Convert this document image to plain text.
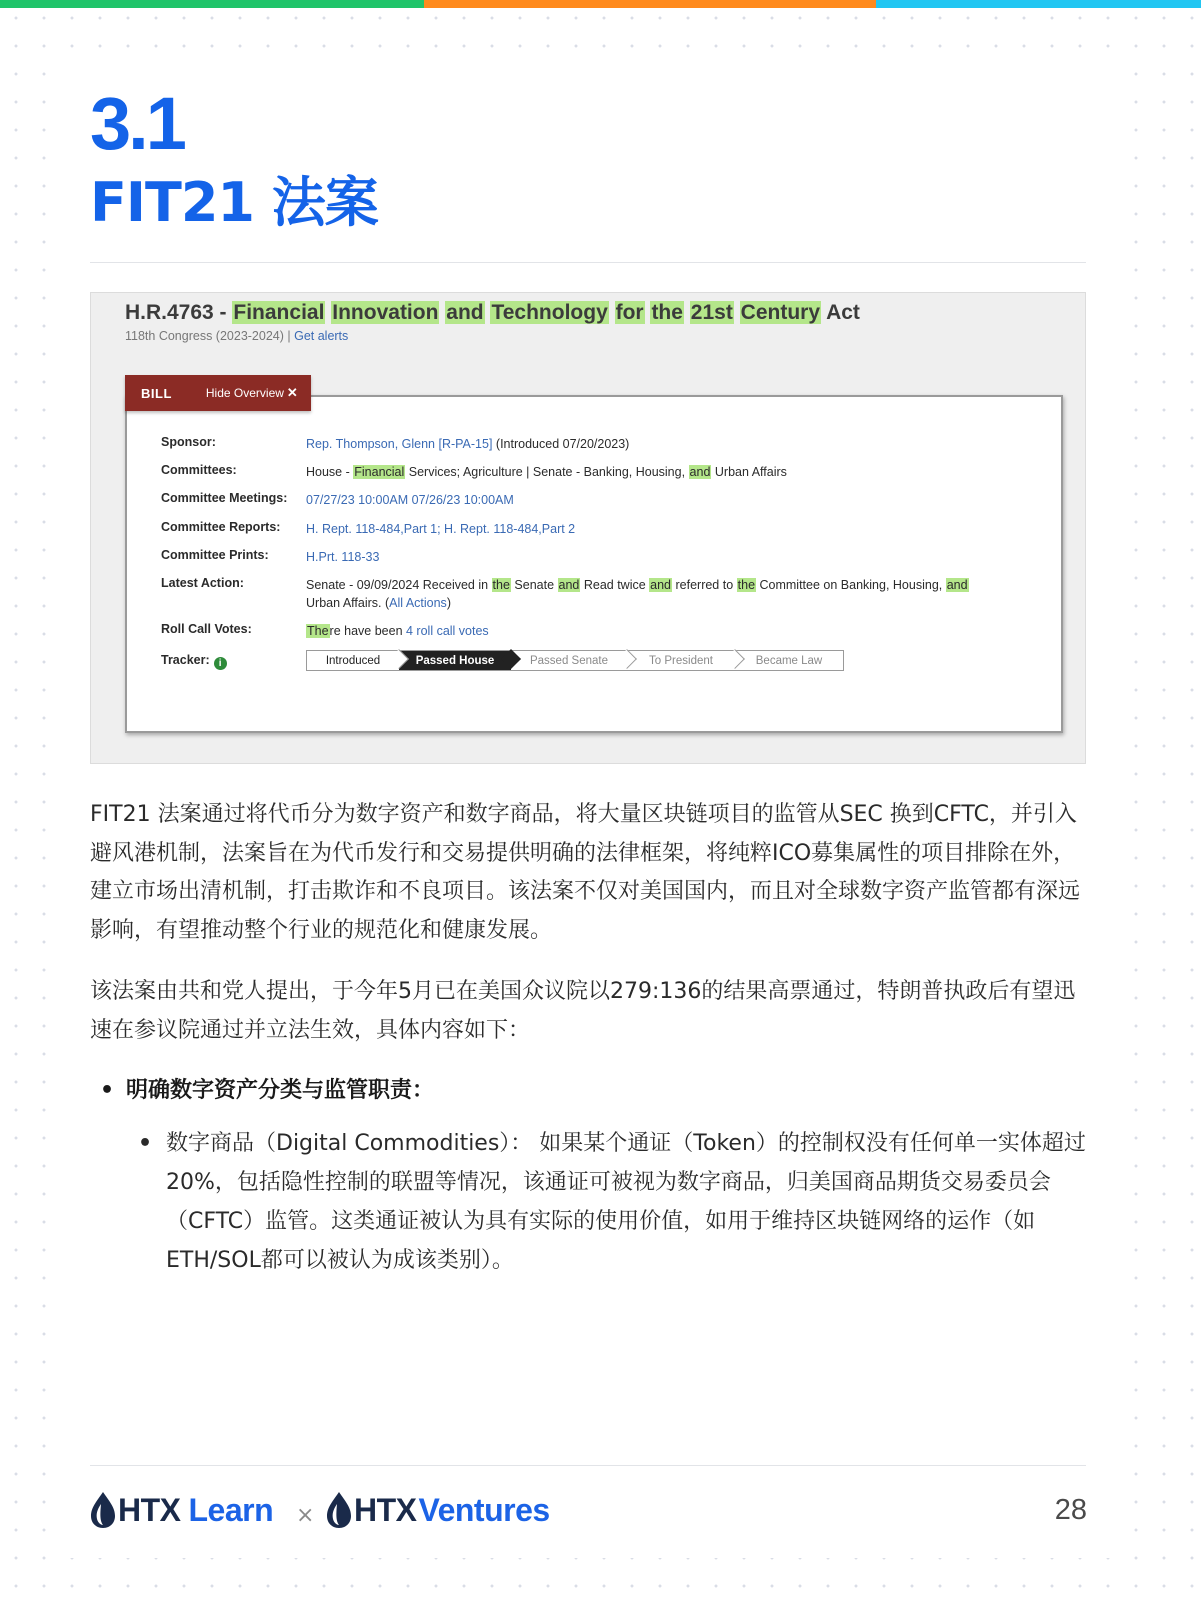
3.1
FIT21 法案
H.R.4763 - Financial Innovation and Technology for the 21st Century Act
118th Congress (2023-2024) | Get alerts
Sponsor:	Rep. Thompson, Glenn [R-PA-15] (Introduced 07/20/2023)
Committees:	House - Financial Services; Agriculture | Senate - Banking, Housing, and Urban Affairs
Committee Meetings:	07/27/23 10:00AM 07/26/23 10:00AM
Committee Reports:	H. Rept. 118-484,Part 1; H. Rept. 118-484,Part 2
Committee Prints:	H.Prt. 118-33
Latest Action:	Senate - 09/09/2024 Received in the Senate and Read twice and referred to the Committee on Banking, Housing, and Urban Affairs. (All Actions)
Roll Call Votes:	There have been 4 roll call votes
Tracker: i	Introduced	Passed House	Passed Senate	To President	Became Law
BILL	Hide Overview ✕
FIT21 法案通过将代币分为数字资产和数字商品，将大量区块链项目的监管从SEC 换到CFTC，并引入避风港机制，法案旨在为代币发行和交易提供明确的法律框架，将纯粹ICO募集属性的项目排除在外，建立市场出清机制，打击欺诈和不良项目。该法案不仅对美国国内，而且对全球数字资产监管都有深远影响，有望推动整个行业的规范化和健康发展。
该法案由共和党人提出，于今年5月已在美国众议院以279:136的结果高票通过，特朗普执政后有望迅速在参议院通过并立法生效，具体内容如下：
• 明确数字资产分类与监管职责：
• 数字商品（Digital Commodities）： 如果某个通证（Token）的控制权没有任何单一实体超过20%，包括隐性控制的联盟等情况，该通证可被视为数字商品，归美国商品期货交易委员会（CFTC）监管。这类通证被认为具有实际的使用价值，如用于维持区块链网络的运作（如ETH/SOL都可以被认为成该类别）。
HTX Learn × HTX Ventures	28
